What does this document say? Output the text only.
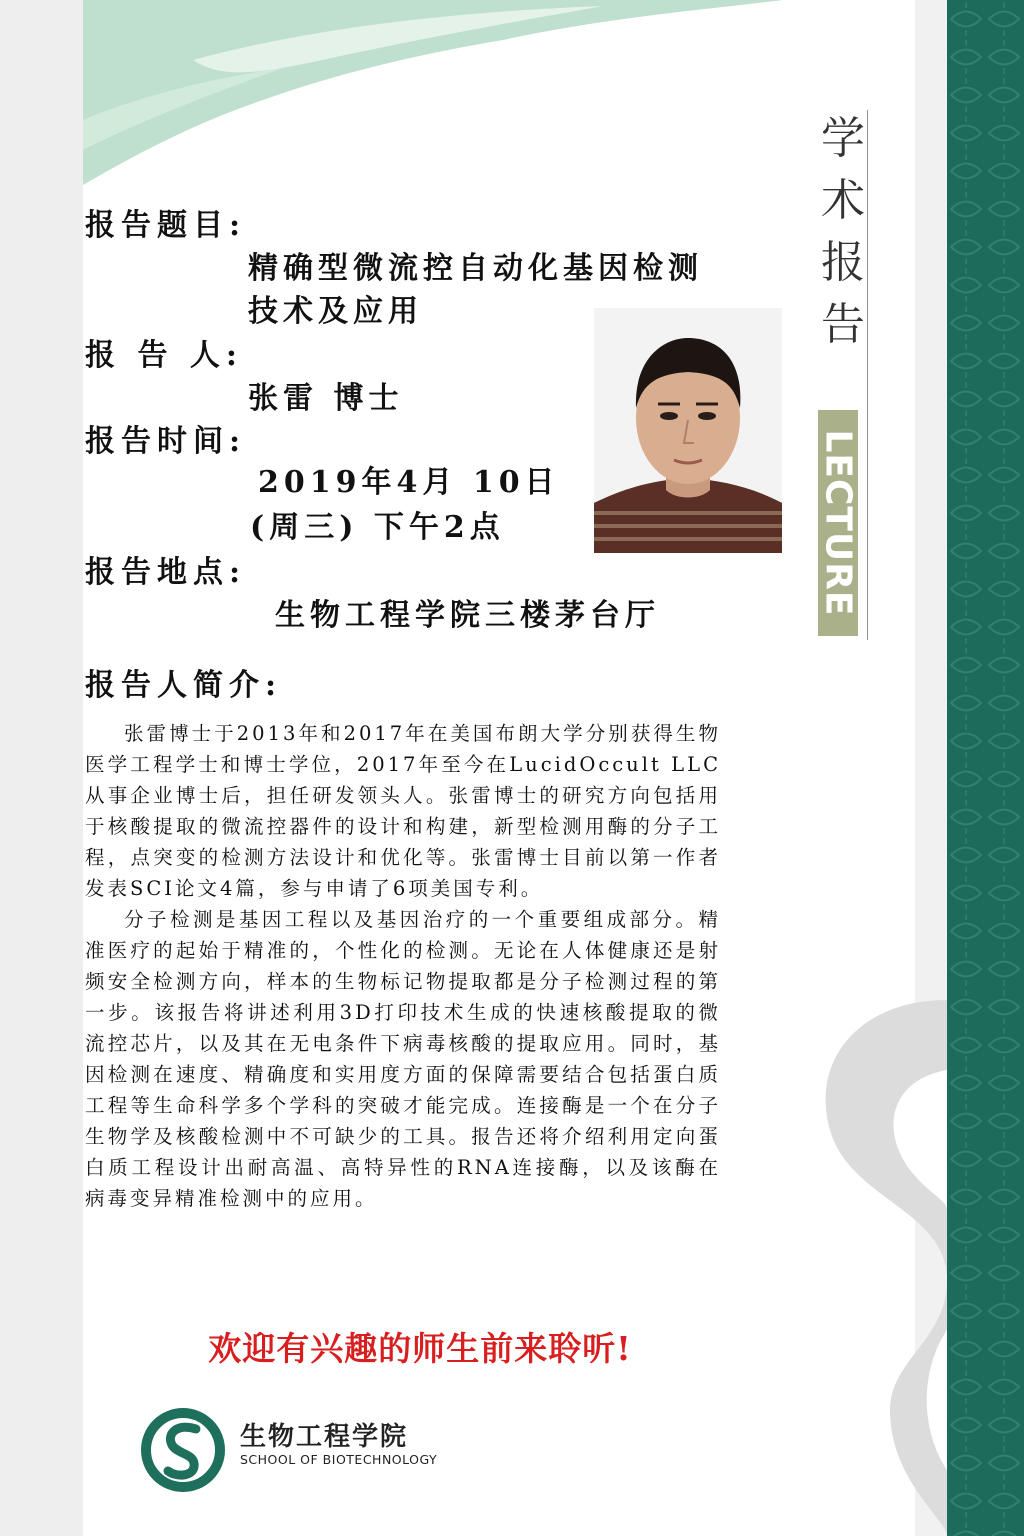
学
术
报
告
LECTURE
报告题目:
精确型微流控自动化基因检测
技术及应用
报 告 人:
张雷 博士
报告时间:
2019年4月 10日
(周三) 下午2点
报告地点:
生物工程学院三楼茅台厅
报告人简介:

张雷博士于2013年和2017年在美国布朗大学分别获得生物医学工程学士和博士学位，2017年至今在LucidOccult LLC从事企业博士后，担任研发领头人。张雷博士的研究方向包括用于核酸提取的微流控器件的设计和构建，新型检测用酶的分子工程，点突变的检测方法设计和优化等。张雷博士目前以第一作者发表SCI论文4篇，参与申请了6项美国专利。

分子检测是基因工程以及基因治疗的一个重要组成部分。精准医疗的起始于精准的，个性化的检测。无论在人体健康还是射频安全检测方向，样本的生物标记物提取都是分子检测过程的第一步。该报告将讲述利用3D打印技术生成的快速核酸提取的微流控芯片，以及其在无电条件下病毒核酸的提取应用。同时，基因检测在速度、精确度和实用度方面的保障需要结合包括蛋白质工程等生命科学多个学科的突破才能完成。连接酶是一个在分子生物学及核酸检测中不可缺少的工具。报告还将介绍利用定向蛋白质工程设计出耐高温、高特异性的RNA连接酶，以及该酶在病毒变异精准检测中的应用。

欢迎有兴趣的师生前来聆听!
生物工程学院
SCHOOL OF BIOTECHNOLOGY
